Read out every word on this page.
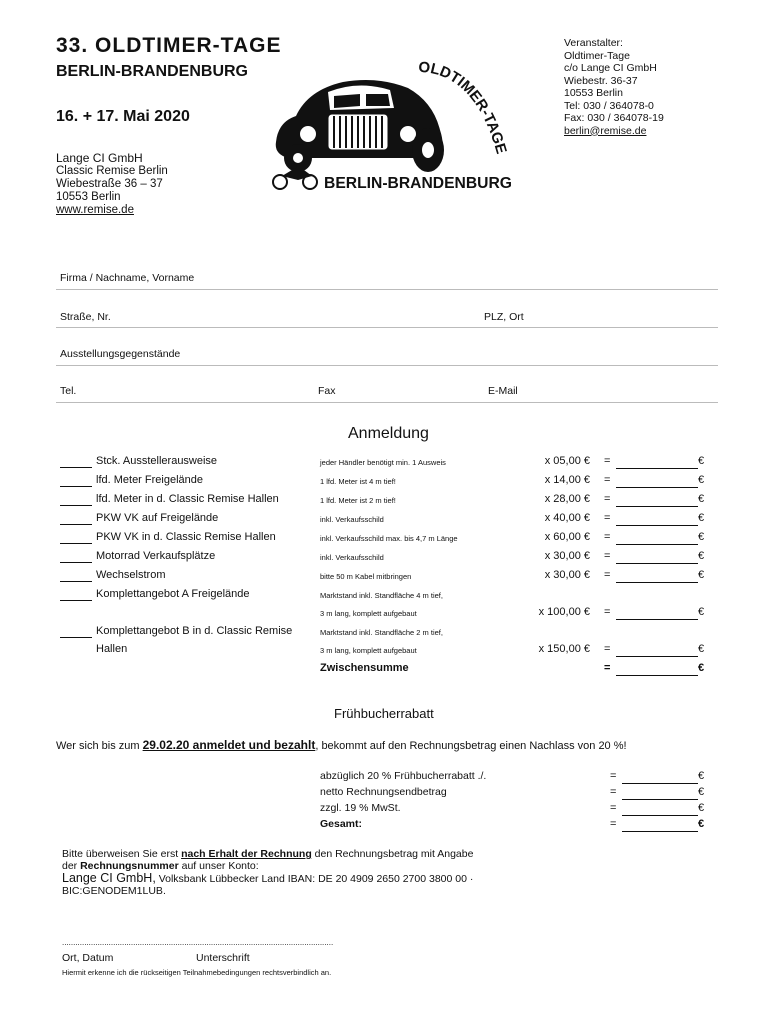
33. OLDTIMER-TAGE
BERLIN-BRANDENBURG
16. + 17. Mai 2020
Lange CI GmbH
Classic Remise Berlin
Wiebestraße 36 – 37
10553 Berlin
www.remise.de
Veranstalter:
Oldtimer-Tage
c/o Lange CI GmbH
Wiebestr. 36-37
10553 Berlin
Tel: 030 / 364078-0
Fax: 030 / 364078-19
berlin@remise.de
OLDTIMER-TAGE
BERLIN-BRANDENBURG
Firma / Nachname, Vorname
Straße, Nr.	PLZ, Ort
Ausstellungsgegenstände
Tel.	Fax	E-Mail
Anmeldung
Stck. Ausstellerausweise	jeder Händler benötigt min. 1 Ausweis	x 05,00 € =	€
lfd. Meter Freigelände	1 lfd. Meter ist 4 m tief!	x 14,00 € =	€
lfd. Meter in d. Classic Remise Hallen	1 lfd. Meter ist 2 m tief!	x 28,00 € =	€
PKW VK auf Freigelände	inkl. Verkaufsschild	x 40,00 € =	€
PKW VK in d. Classic Remise Hallen	inkl. Verkaufsschild max. bis 4,7 m Länge	x 60,00 € =	€
Motorrad Verkaufsplätze	inkl. Verkaufsschild	x 30,00 € =	€
Wechselstrom	bitte 50 m Kabel mitbringen	x 30,00 € =	€
Komplettangebot A Freigelände	Marktstand inkl. Standfläche 4 m tief,
3 m lang, komplett aufgebaut	x 100,00 € =	€
Komplettangebot B in d. Classic Remise
Hallen
Marktstand inkl. Standfläche 2 m tief,
3 m lang, komplett aufgebaut	x 150,00 € =	€
Zwischensumme	=	€
Frühbucherrabatt
Wer sich bis zum 29.02.20 anmeldet und bezahlt, bekommt auf den Rechnungsbetrag einen Nachlass von 20 %!
abzüglich 20 % Frühbucherrabatt ./.	=	€
netto Rechnungsendbetrag	=	€
zzgl. 19 % MwSt.	=	€
Gesamt:	=	€
Bitte überweisen Sie erst nach Erhalt der Rechnung den Rechnungsbetrag mit Angabe
der Rechnungsnummer auf unser Konto:
Lange CI GmbH, Volksbank Lübbecker Land IBAN: DE 20 4909 2650 2700 3800 00 ·
BIC:GENODEM1LUB.
..........................................................................................................................
Ort, Datum	Unterschrift
Hiermit erkenne ich die rückseitigen Teilnahmebedingungen rechtsverbindlich an.
